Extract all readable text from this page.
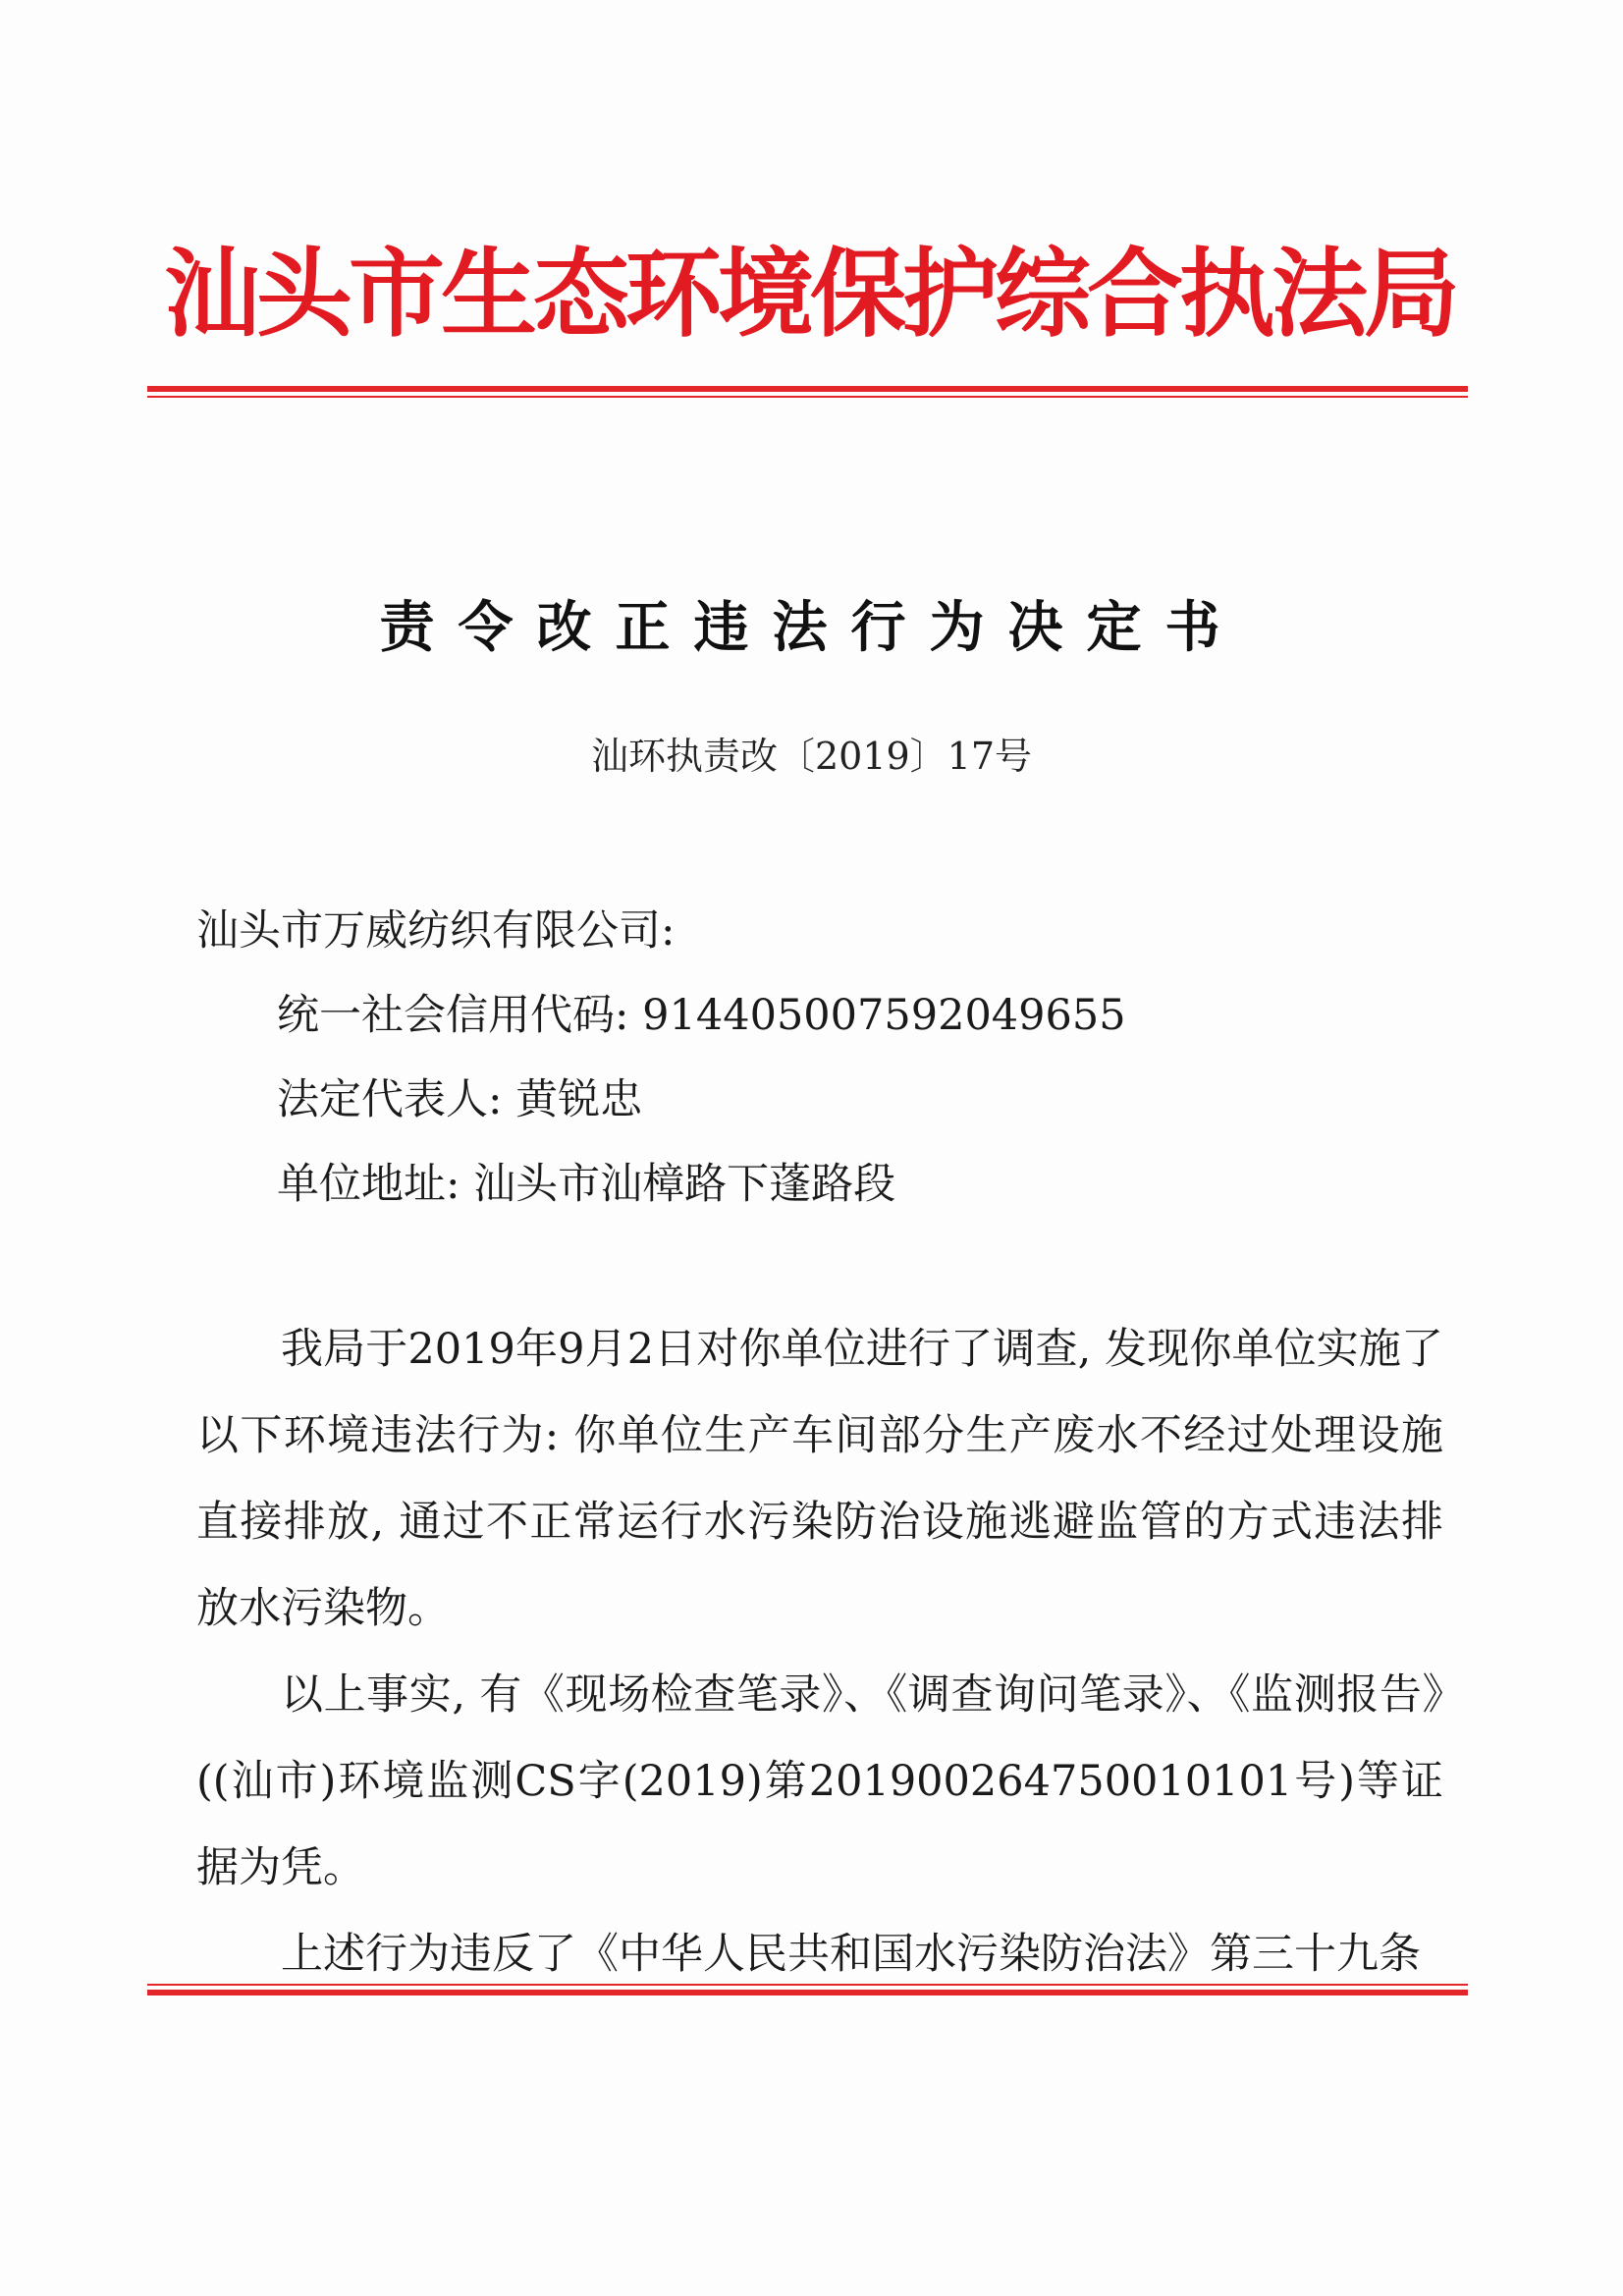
汕头市生态环境保护综合执法局
责令改正违法行为决定书
汕环执责改〔2019〕17号
汕头市万威纺织有限公司:
统一社会信用代码: 91440500759204965​5
法定代表人: 黄锐忠
单位地址: 汕头市汕樟路下蓬路段

我局于2019年9月2日对你单位进行了调查, 发现你单位实施了以下环境违法行为: 你单位生产车间部分生产废水不经过处理设施直接排放, 通过不正常运行水污染防治设施逃避监管的方式违法排放水污染物。

以上事实, 有《现场检查笔录》、《调查询问笔录》、《监测报告》((汕市)环境监测CS字(2019)第20190026475001010​1号)等证据为凭。

上述行为违反了《中华人民共和国水污染防治法》第三十九条
